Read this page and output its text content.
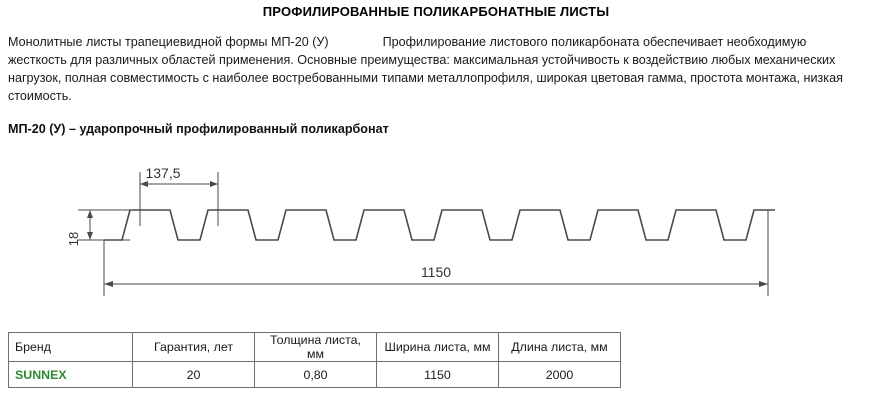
ПРОФИЛИРОВАННЫЕ ПОЛИКАРБОНАТНЫЕ ЛИСТЫ

Монолитные листы трапециевидной формы МП-20 (У)	Профилирование листового поликарбоната обеспечивает необходимую жесткость для различных областей применения. Основные преимущества: максимальная устойчивость к воздействию любых механических нагрузок, полная совместимость с наиболее востребованными типами металлопрофиля, широкая цветовая гамма, простота монтажа, низкая стоимость.

МП-20 (У) – ударопрочный профилированный поликарбонат
137,5
18
1150
Бренд	Гарантия, лет	Толщина листа, мм	Ширина листа, мм	Длина листа, мм
SUNNEX	20	0,80	1150	2000
